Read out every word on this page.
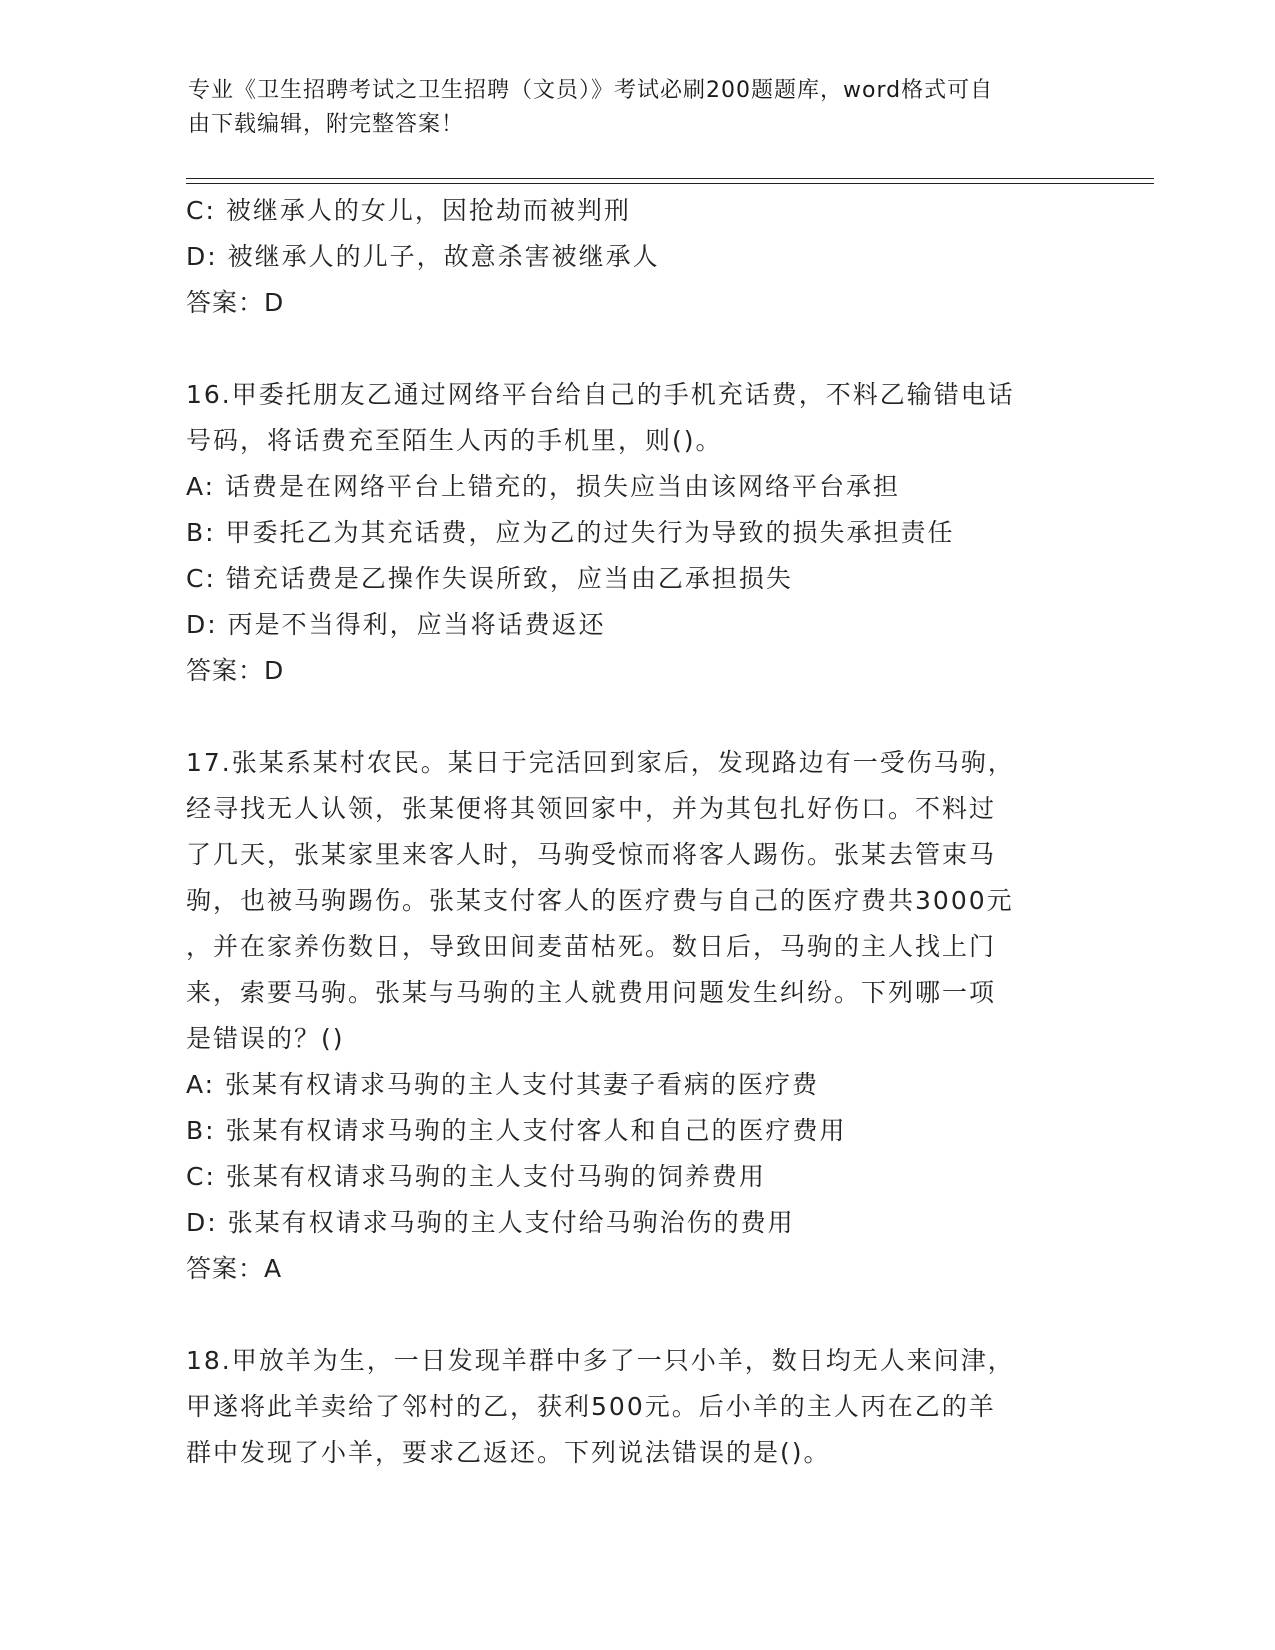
专业《卫生招聘考试之卫生招聘（文员）》考试必刷200题题库，word格式可自
由下载编辑，附完整答案！
C: 被继承人的女儿，因抢劫而被判刑
D: 被继承人的儿子，故意杀害被继承人
答案：D
16.甲委托朋友乙通过网络平台给自己的手机充话费，不料乙输错电话
号码，将话费充至陌生人丙的手机里，则()。
A: 话费是在网络平台上错充的，损失应当由该网络平台承担
B: 甲委托乙为其充话费，应为乙的过失行为导致的损失承担责任
C: 错充话费是乙操作失误所致，应当由乙承担损失
D: 丙是不当得利，应当将话费返还
答案：D
17.张某系某村农民。某日于完活回到家后，发现路边有一受伤马驹，
经寻找无人认领，张某便将其领回家中，并为其包扎好伤口。不料过
了几天，张某家里来客人时，马驹受惊而将客人踢伤。张某去管束马
驹，也被马驹踢伤。张某支付客人的医疗费与自己的医疗费共3000元
，并在家养伤数日，导致田间麦苗枯死。数日后，马驹的主人找上门
来，索要马驹。张某与马驹的主人就费用问题发生纠纷。下列哪一项
是错误的？()
A: 张某有权请求马驹的主人支付其妻子看病的医疗费
B: 张某有权请求马驹的主人支付客人和自己的医疗费用
C: 张某有权请求马驹的主人支付马驹的饲养费用
D: 张某有权请求马驹的主人支付给马驹治伤的费用
答案：A
18.甲放羊为生，一日发现羊群中多了一只小羊，数日均无人来问津，
甲遂将此羊卖给了邻村的乙，获利500元。后小羊的主人丙在乙的羊
群中发现了小羊，要求乙返还。下列说法错误的是()。
